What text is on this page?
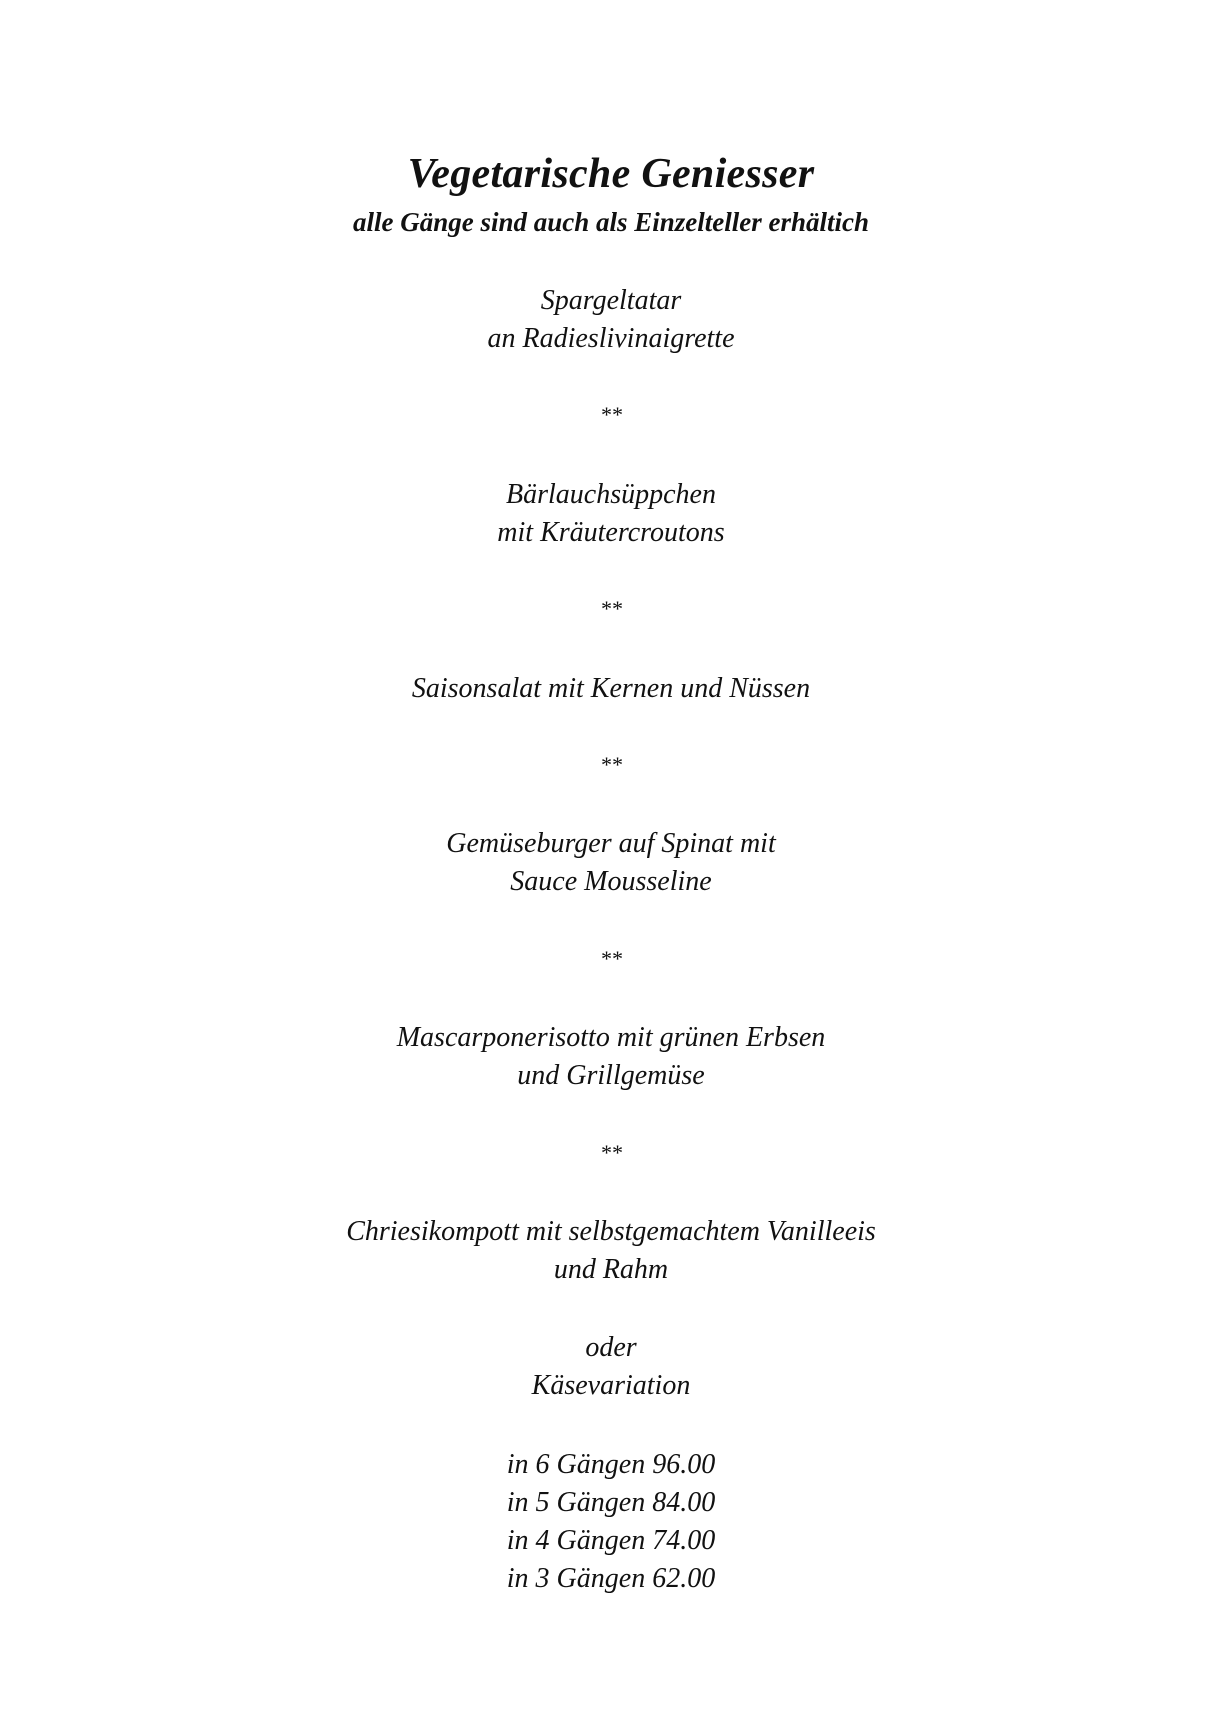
Vegetarische Geniesser
alle Gänge sind auch als Einzelteller erhältich
Spargeltatar
an Radieslivinaigrette
**
Bärlauchsüppchen
mit Kräutercroutons
**
Saisonsalat mit Kernen und Nüssen
**
Gemüseburger auf Spinat mit
Sauce Mousseline
**
Mascarponerisotto mit grünen Erbsen
und Grillgemüse
**
Chriesikompott mit selbstgemachtem Vanilleeis
und Rahm
oder
Käsevariation
in 6 Gängen 96.00
in 5 Gängen 84.00
in 4 Gängen 74.00
in 3 Gängen 62.00
